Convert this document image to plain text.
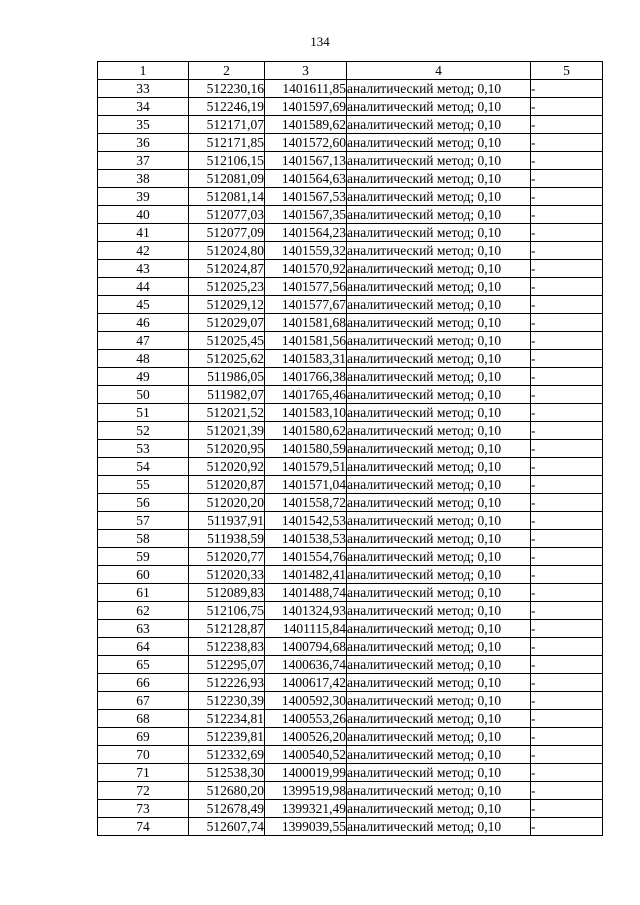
134
1	2	3	4	5
33	512230,16	1401611,85	аналитический метод; 0,10	-
34	512246,19	1401597,69	аналитический метод; 0,10	-
35	512171,07	1401589,62	аналитический метод; 0,10	-
36	512171,85	1401572,60	аналитический метод; 0,10	-
37	512106,15	1401567,13	аналитический метод; 0,10	-
38	512081,09	1401564,63	аналитический метод; 0,10	-
39	512081,14	1401567,53	аналитический метод; 0,10	-
40	512077,03	1401567,35	аналитический метод; 0,10	-
41	512077,09	1401564,23	аналитический метод; 0,10	-
42	512024,80	1401559,32	аналитический метод; 0,10	-
43	512024,87	1401570,92	аналитический метод; 0,10	-
44	512025,23	1401577,56	аналитический метод; 0,10	-
45	512029,12	1401577,67	аналитический метод; 0,10	-
46	512029,07	1401581,68	аналитический метод; 0,10	-
47	512025,45	1401581,56	аналитический метод; 0,10	-
48	512025,62	1401583,31	аналитический метод; 0,10	-
49	511986,05	1401766,38	аналитический метод; 0,10	-
50	511982,07	1401765,46	аналитический метод; 0,10	-
51	512021,52	1401583,10	аналитический метод; 0,10	-
52	512021,39	1401580,62	аналитический метод; 0,10	-
53	512020,95	1401580,59	аналитический метод; 0,10	-
54	512020,92	1401579,51	аналитический метод; 0,10	-
55	512020,87	1401571,04	аналитический метод; 0,10	-
56	512020,20	1401558,72	аналитический метод; 0,10	-
57	511937,91	1401542,53	аналитический метод; 0,10	-
58	511938,59	1401538,53	аналитический метод; 0,10	-
59	512020,77	1401554,76	аналитический метод; 0,10	-
60	512020,33	1401482,41	аналитический метод; 0,10	-
61	512089,83	1401488,74	аналитический метод; 0,10	-
62	512106,75	1401324,93	аналитический метод; 0,10	-
63	512128,87	1401115,84	аналитический метод; 0,10	-
64	512238,83	1400794,68	аналитический метод; 0,10	-
65	512295,07	1400636,74	аналитический метод; 0,10	-
66	512226,93	1400617,42	аналитический метод; 0,10	-
67	512230,39	1400592,30	аналитический метод; 0,10	-
68	512234,81	1400553,26	аналитический метод; 0,10	-
69	512239,81	1400526,20	аналитический метод; 0,10	-
70	512332,69	1400540,52	аналитический метод; 0,10	-
71	512538,30	1400019,99	аналитический метод; 0,10	-
72	512680,20	1399519,98	аналитический метод; 0,10	-
73	512678,49	1399321,49	аналитический метод; 0,10	-
74	512607,74	1399039,55	аналитический метод; 0,10	-
